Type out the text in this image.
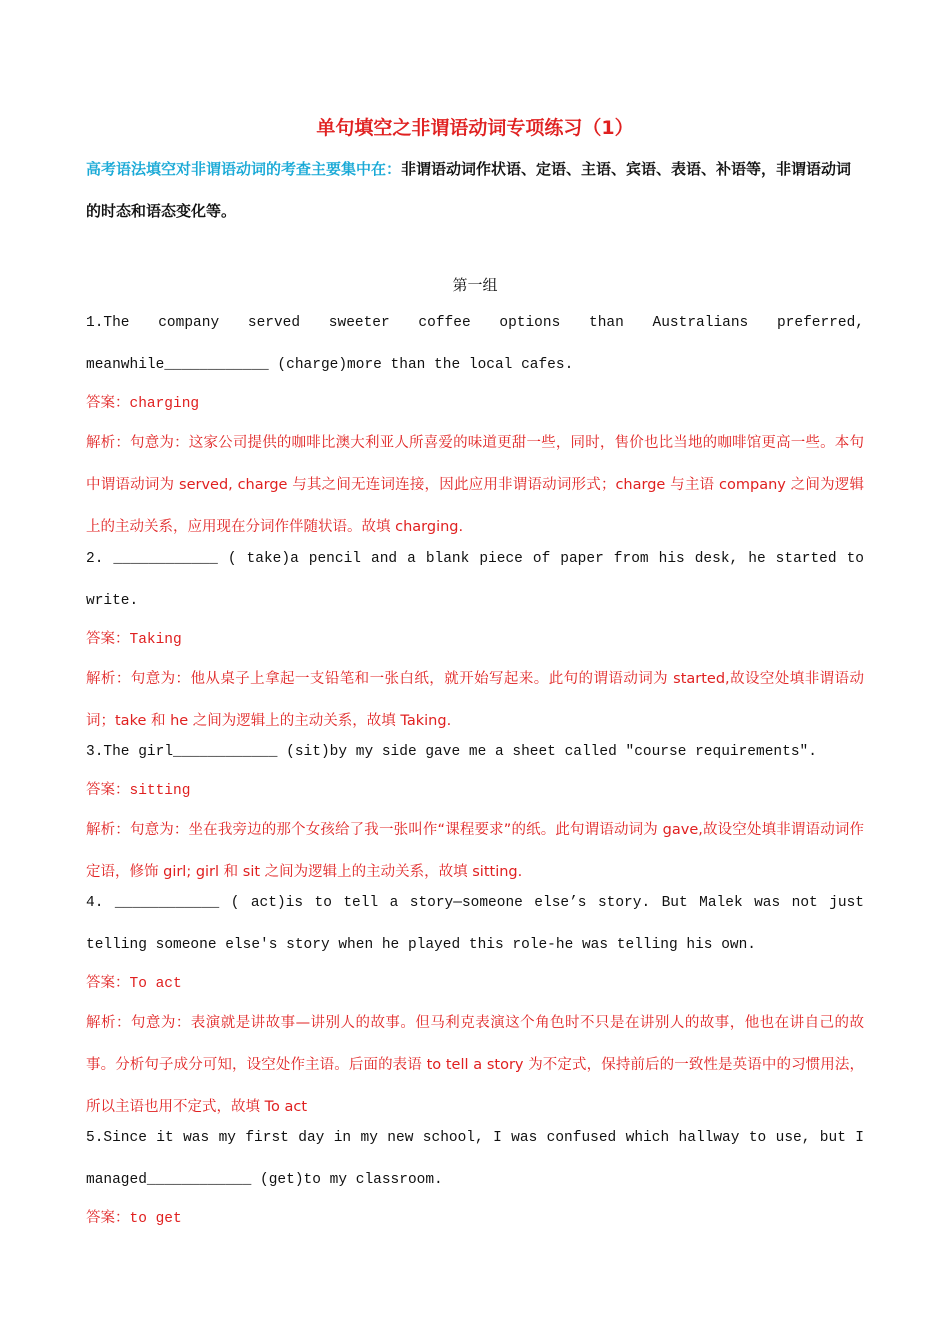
单句填空之非谓语动词专项练习（1）
高考语法填空对非谓语动词的考查主要集中在：非谓语动词作状语、定语、主语、宾语、表语、补语等，非谓语动词的时态和语态变化等。
第一组
1.The company served sweeter coffee options than Australians preferred, meanwhile____________ (charge)more than the local cafes.
答案：charging
解析：句意为：这家公司提供的咖啡比澳大利亚人所喜爱的味道更甜一些，同时，售价也比当地的咖啡馆更高一些。本句中谓语动词为 served, charge 与其之间无连词连接，因此应用非谓语动词形式；charge 与主语 company 之间为逻辑上的主动关系，应用现在分词作伴随状语。故填 charging.
2. ____________ ( take)a pencil and a blank piece of paper from his desk, he started to write.
答案：Taking
解析：句意为：他从桌子上拿起一支铅笔和一张白纸，就开始写起来。此句的谓语动词为 started,故设空处填非谓语动词；take 和 he 之间为逻辑上的主动关系，故填 Taking.
3.The girl____________ (sit)by my side gave me a sheet called "course requirements".
答案：sitting
解析：句意为：坐在我旁边的那个女孩给了我一张叫作“课程要求”的纸。此句谓语动词为 gave,故设空处填非谓语动词作定语，修饰 girl; girl 和 sit 之间为逻辑上的主动关系，故填 sitting.
4. ____________ ( act)is to tell a story—someone else’s story. But Malek was not just telling someone else's story when he played this role-he was telling his own.
答案：To act
解析：句意为：表演就是讲故事—讲别人的故事。但马利克表演这个角色时不只是在讲别人的故事，他也在讲自己的故事。分析句子成分可知，设空处作主语。后面的表语 to tell a story 为不定式，保持前后的一致性是英语中的习惯用法，所以主语也用不定式，故填 To act
5.Since it was my first day in my new school, I was confused which hallway to use, but I managed____________ (get)to my classroom.
答案：to get
